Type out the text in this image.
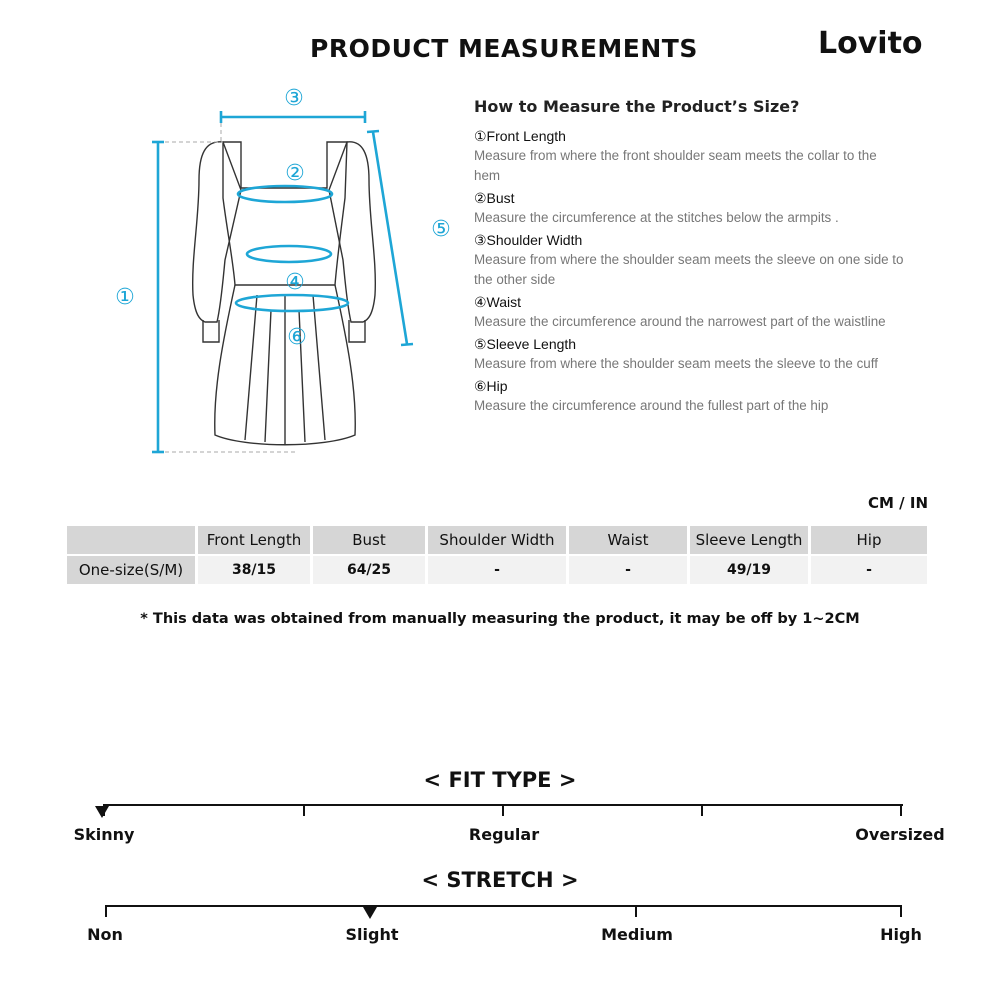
PRODUCT MEASUREMENTS	Lovito
①
②
③
④
⑤
⑥
How to Measure the Product’s Size?
①Front Length
Measure from where the front shoulder seam meets the collar to the hem
②Bust
Measure the circumference at the stitches below the armpits .
③Shoulder Width
Measure from where the shoulder seam meets the sleeve on one side to the other side
④Waist
Measure the circumference around the narrowest part of the waistline
⑤Sleeve Length
Measure from where the shoulder seam meets the sleeve to the cuff
⑥Hip
Measure the circumference around the fullest part of the hip
CM / IN
	Front Length	Bust	Shoulder Width	Waist	Sleeve Length	Hip
One-size(S/M)	38/15	64/25	-	-	49/19	-
* This data was obtained from manually measuring the product, it may be off by 1~2CM
< FIT TYPE >
Skinny	Regular	Oversized
< STRETCH >
Non	Slight	Medium	High
